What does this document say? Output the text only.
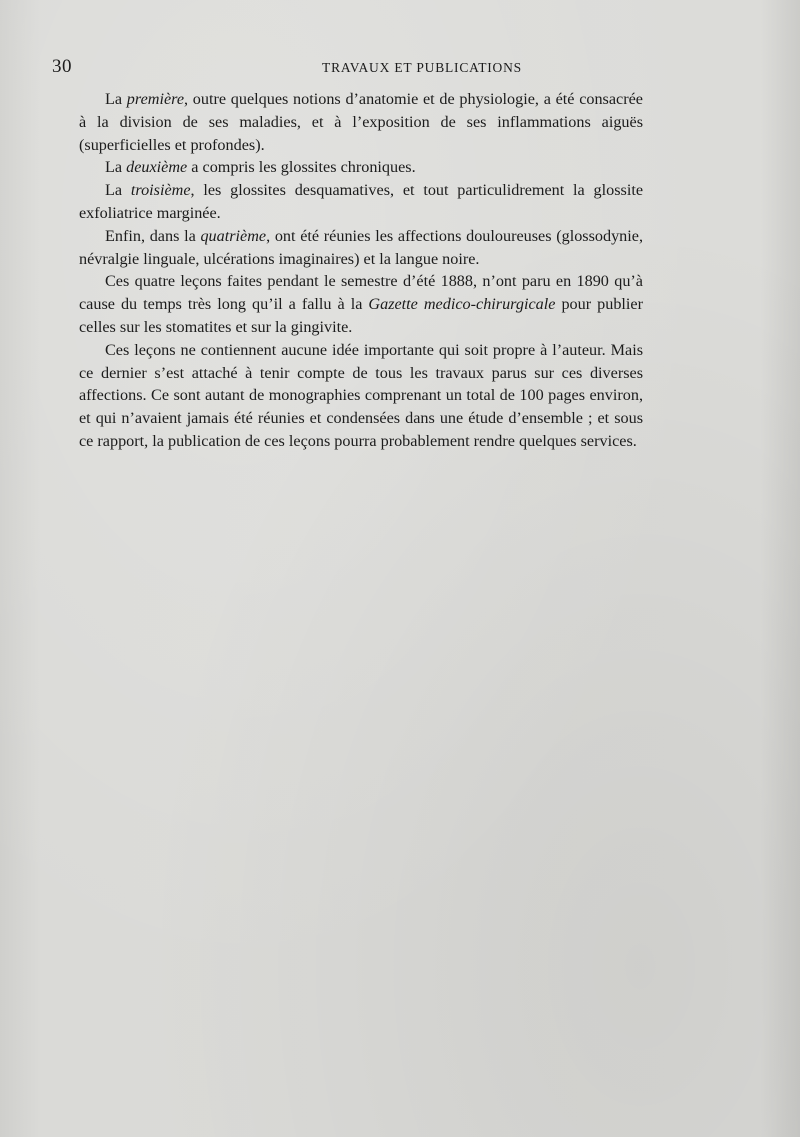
30	TRAVAUX ET PUBLICATIONS

La première, outre quelques notions d’anatomie et de physiologie, a été consacrée à la division de ses maladies, et à l’exposition de ses inflammations aiguës (superficielles et profondes).

La deuxième a compris les glossites chroniques.

La troisième, les glossites desquamatives, et tout particulidrement la glossite exfoliatrice marginée.

Enfin, dans la quatrième, ont été réunies les affections douloureuses (glossodynie, névralgie linguale, ulcérations imaginaires) et la langue noire.

Ces quatre leçons faites pendant le semestre d’été 1888, n’ont paru en 1890 qu’à cause du temps très long qu’il a fallu à la Gazette medico-chirurgicale pour publier celles sur les stomatites et sur la gingivite.

Ces leçons ne contiennent aucune idée importante qui soit propre à l’auteur. Mais ce dernier s’est attaché à tenir compte de tous les travaux parus sur ces diverses affections. Ce sont autant de monographies comprenant un total de 100 pages environ, et qui n’avaient jamais été réunies et condensées dans une étude d’ensemble ; et sous ce rapport, la publication de ces leçons pourra probablement rendre quelques services.
